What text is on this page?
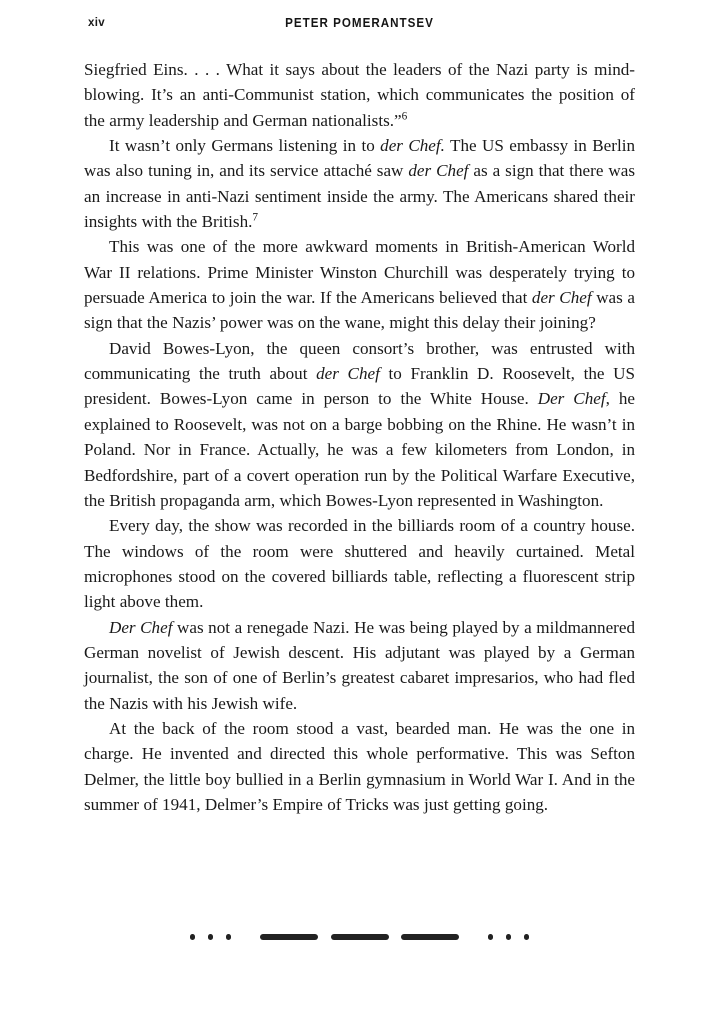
xiv	PETER POMERANTSEV

Siegfried Eins. . . . What it says about the leaders of the Nazi party is mind-blowing. It’s an anti-Communist station, which communicates the position of the army leadership and German nationalists.”$^6$

It wasn’t only Germans listening in to der Chef. The US embassy in Berlin was also tuning in, and its service attaché saw der Chef as a sign that there was an increase in anti-Nazi sentiment inside the army. The Americans shared their insights with the British.$^7$

This was one of the more awkward moments in British-American World War II relations. Prime Minister Winston Churchill was desperately trying to persuade America to join the war. If the Americans believed that der Chef was a sign that the Nazis’ power was on the wane, might this delay their joining?

David Bowes-Lyon, the queen consort’s brother, was entrusted with communicating the truth about der Chef to Franklin D. Roosevelt, the US president. Bowes-Lyon came in person to the White House. Der Chef, he explained to Roosevelt, was not on a barge bobbing on the Rhine. He wasn’t in Poland. Nor in France. Actually, he was a few kilometers from London, in Bedfordshire, part of a covert operation run by the Political Warfare Executive, the British propaganda arm, which Bowes-Lyon represented in Washington.

Every day, the show was recorded in the billiards room of a country house. The windows of the room were shuttered and heavily curtained. Metal microphones stood on the covered billiards table, reflecting a fluorescent strip light above them.

Der Chef was not a renegade Nazi. He was being played by a mildmannered German novelist of Jewish descent. His adjutant was played by a German journalist, the son of one of Berlin’s greatest cabaret impresarios, who had fled the Nazis with his Jewish wife.

At the back of the room stood a vast, bearded man. He was the one in charge. He invented and directed this whole performative. This was Sefton Delmer, the little boy bullied in a Berlin gymnasium in World War I. And in the summer of 1941, Delmer’s Empire of Tricks was just getting going.
